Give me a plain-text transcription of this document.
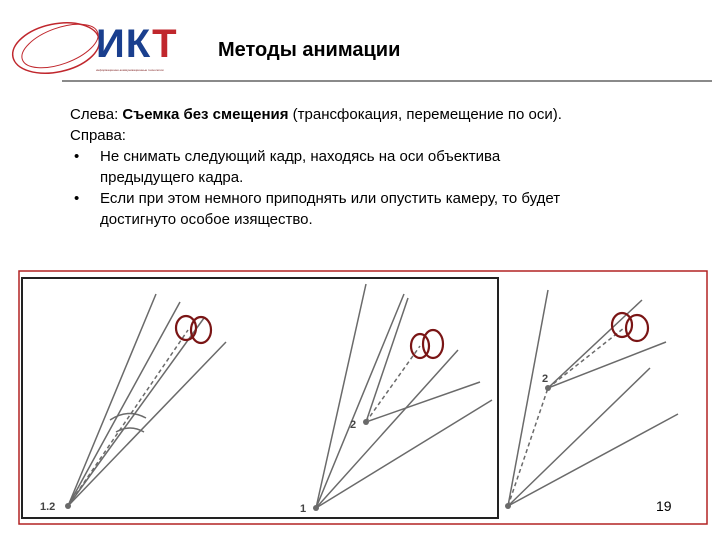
ИКТ
информационно-коммуникационные технологии
Методы анимации
Слева: Съемка без смещения (трансфокация, перемещение по оси).
Справа:
• Не снимать следующий кадр, находясь на оси объектива
предыдущего кадра.
• Если при этом немного приподнять или опустить камеру, то будет
достигнуто особое изящество.
1.2	1
2
2
19
